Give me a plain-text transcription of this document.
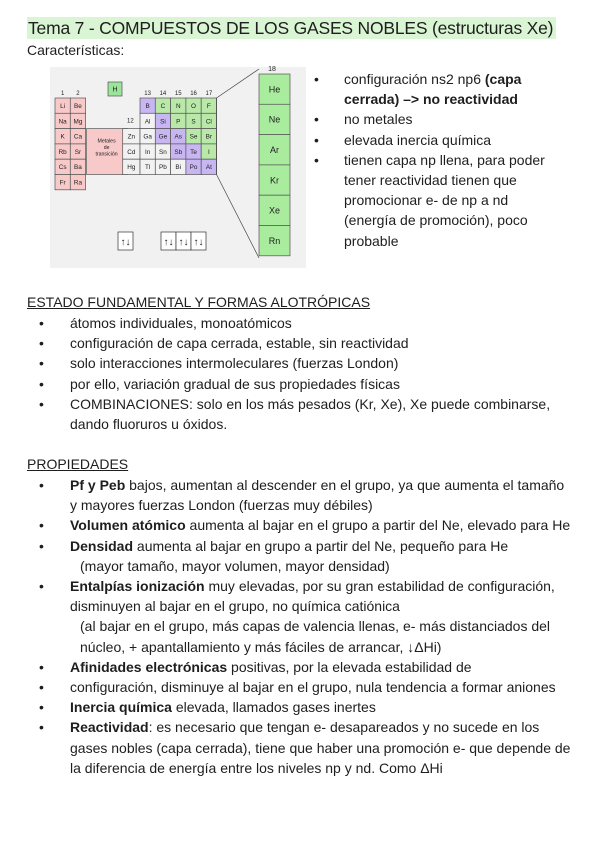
Tema 7 - COMPUESTOS DE LOS GASES NOBLES (estructuras Xe)
Características:
1 2	13 14 15 16 17
H
Li Be
Na Mg
K Ca
Rb Sr
Cs Ba
Fr Ra
Metales
de
transición
12
Zn
Cd
Hg
B C N O F
Al Si P S Cl
Ga Ge As Se Br
In Sn Sb Te I
Tl Pb Bi Po At
18
He
Ne
Ar
Kr
Xe
Rn
↑↓	↑↓ ↑↓ ↑↓
• configuración ns2 np6 (capa cerrada) –> no reactividad
• no metales
• elevada inercia química
• tienen capa np llena, para poder tener reactividad tienen que promocionar e- de np a nd (energía de promoción), poco probable
ESTADO FUNDAMENTAL Y FORMAS ALOTRÓPICAS
• átomos individuales, monoatómicos
• configuración de capa cerrada, estable, sin reactividad
• solo interacciones intermoleculares (fuerzas London)
• por ello, variación gradual de sus propiedades físicas
• COMBINACIONES: solo en los más pesados (Kr, Xe), Xe puede combinarse, dando fluoruros u óxidos.
PROPIEDADES
• Pf y Peb bajos, aumentan al descender en el grupo, ya que aumenta el tamaño y mayores fuerzas London (fuerzas muy débiles)
• Volumen atómico aumenta al bajar en el grupo a partir del Ne, elevado para He
• Densidad aumenta al bajar en grupo a partir del Ne, pequeño para He
(mayor tamaño, mayor volumen, mayor densidad)
• Entalpías ionización muy elevadas, por su gran estabilidad de configuración, disminuyen al bajar en el grupo, no química catiónica
(al bajar en el grupo, más capas de valencia llenas, e- más distanciados del núcleo, + apantallamiento y más fáciles de arrancar, ↓ΔHi)
• Afinidades electrónicas positivas, por la elevada estabilidad de
• configuración, disminuye al bajar en el grupo, nula tendencia a formar aniones
• Inercia química elevada, llamados gases inertes
• Reactividad: es necesario que tengan e- desapareados y no sucede en los gases nobles (capa cerrada), tiene que haber una promoción e- que depende de la diferencia de energía entre los niveles np y nd. Como ΔHi
